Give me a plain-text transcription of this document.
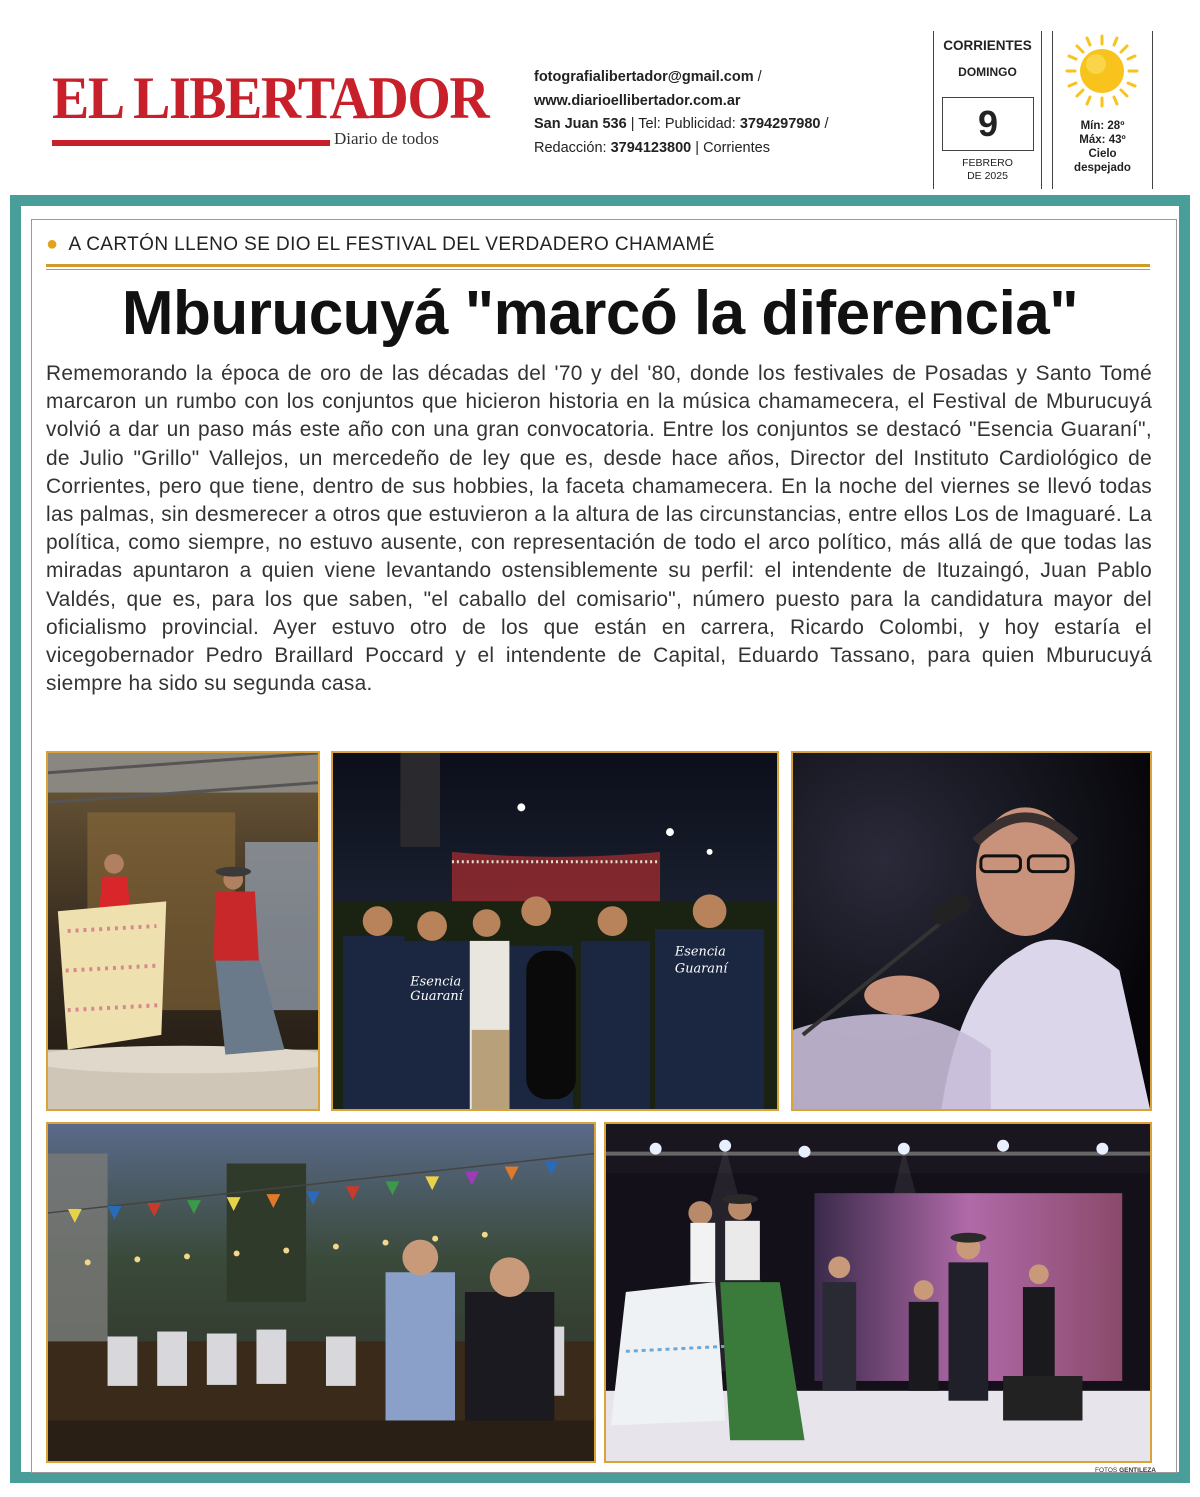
EL LIBERTADOR
Diario de todos
fotografialibertador@gmail.com /
www.diarioellibertador.com.ar
San Juan 536 | Tel: Publicidad: 3794297980 /
Redacción: 3794123800 | Corrientes
CORRIENTES
DOMINGO
9
FEBRERO
DE 2025
Mín: 28º
Máx: 43º
Cielo
despejado
● A CARTÓN LLENO SE DIO EL FESTIVAL DEL VERDADERO CHAMAMÉ
Mburucuyá "marcó la diferencia"

Rememorando la época de oro de las décadas del '70 y del '80, donde los festivales de Posadas y Santo Tomé marcaron un rumbo con los conjuntos que hicieron historia en la música chamamecera, el Festival de Mburucuyá volvió a dar un paso más este año con una gran convocatoria. Entre los conjuntos se destacó "Esencia Guaraní", de Julio "Grillo" Vallejos, un mercedeño de ley que es, desde hace años, Director del Instituto Cardiológico de Corrientes, pero que tiene, dentro de sus hobbies, la faceta chamamecera. En la noche del viernes se llevó todas las palmas, sin desmerecer a otros que estuvieron a la altura de las circunstancias, entre ellos Los de Imaguaré. La política, como siempre, no estuvo ausente, con representación de todo el arco político, más allá de que todas las miradas apuntaron a quien viene levantando ostensiblemente su perfil: el intendente de Ituzaingó, Juan Pablo Valdés, que es, para los que saben, "el caballo del comisario", número puesto para la candidatura mayor del oficialismo provincial. Ayer estuvo otro de los que están en carrera, Ricardo Colombi, y hoy estaría el vicegobernador Pedro Braillard Poccard y el intendente de Capital, Eduardo Tassano, para quien Mburucuyá siempre ha sido su segunda casa.

Esencia
Guaraní
Esencia
Guaraní
FOTOS GENTILEZA
